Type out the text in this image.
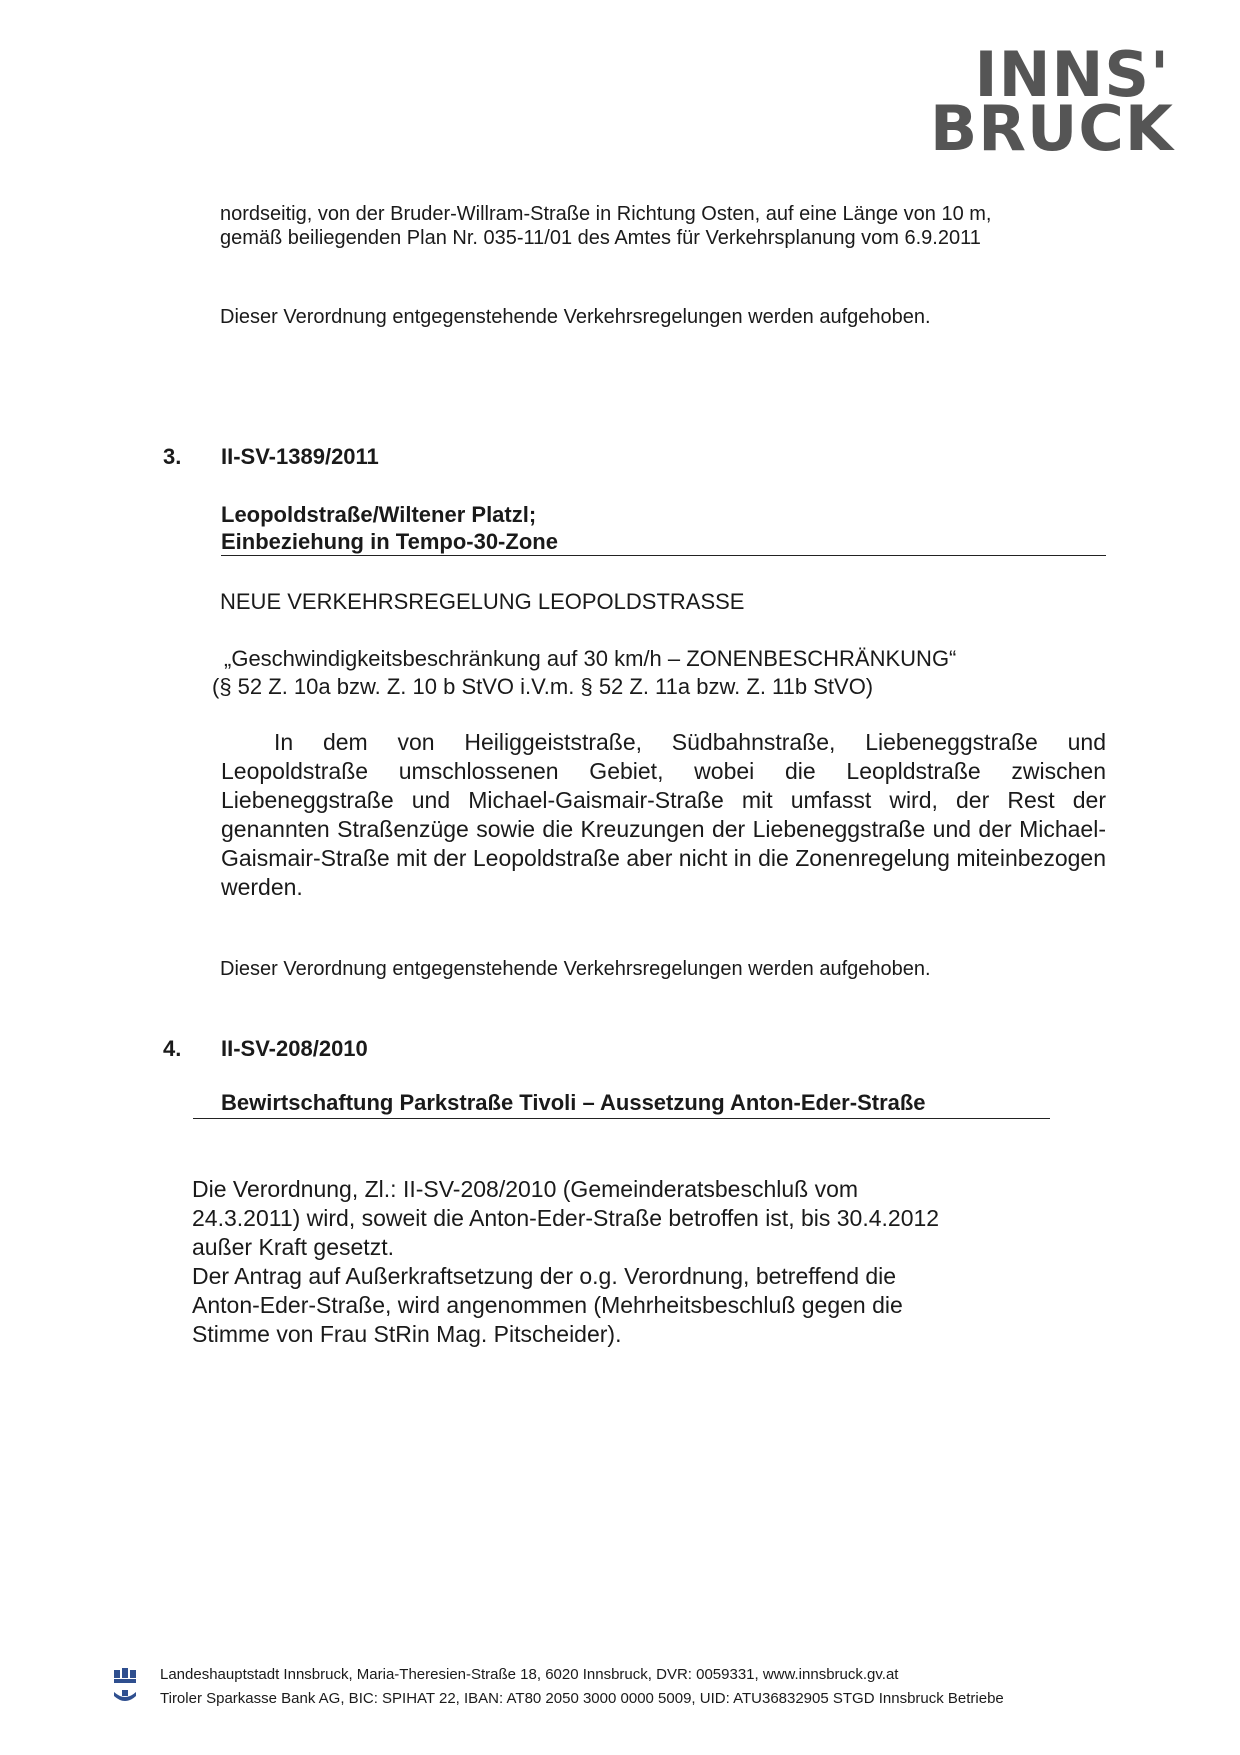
INNS'
BRUCK
nordseitig, von der Bruder-Willram-Straße in Richtung Osten, auf eine Länge von 10 m, gemäß beiliegenden Plan Nr. 035-11/01 des Amtes für Verkehrsplanung vom 6.9.2011
Dieser Verordnung entgegenstehende Verkehrsregelungen werden aufgehoben.
3. II-SV-1389/2011
Leopoldstraße/Wiltener Platzl;
Einbeziehung in Tempo-30-Zone
NEUE VERKEHRSREGELUNG LEOPOLDSTRASSE
„Geschwindigkeitsbeschränkung auf 30 km/h – ZONENBESCHRÄNKUNG“
(§ 52 Z. 10a bzw. Z. 10 b StVO i.V.m. § 52 Z. 11a bzw. Z. 11b StVO)
In dem von Heiliggeiststraße, Südbahnstraße, Liebeneggstraße und Leopoldstraße umschlossenen Gebiet, wobei die Leopldstraße zwischen Liebeneggstraße und Michael-Gaismair-Straße mit umfasst wird, der Rest der genannten Straßenzüge sowie die Kreuzungen der Liebeneggstraße und der Michael-Gaismair-Straße mit der Leopoldstraße aber nicht in die Zonenregelung miteinbezogen werden.
Dieser Verordnung entgegenstehende Verkehrsregelungen werden aufgehoben.
4. II-SV-208/2010
Bewirtschaftung Parkstraße Tivoli – Aussetzung Anton-Eder-Straße
Die Verordnung, Zl.: II-SV-208/2010 (Gemeinderatsbeschluß vom
24.3.2011) wird, soweit die Anton-Eder-Straße betroffen ist, bis 30.4.2012
außer Kraft gesetzt.
Der Antrag auf Außerkraftsetzung der o.g. Verordnung, betreffend die
Anton-Eder-Straße, wird angenommen (Mehrheitsbeschluß gegen die
Stimme von Frau StRin Mag. Pitscheider).
Landeshauptstadt Innsbruck, Maria-Theresien-Straße 18, 6020 Innsbruck, DVR: 0059331, www.innsbruck.gv.at
Tiroler Sparkasse Bank AG, BIC: SPIHAT 22, IBAN: AT80 2050 3000 0000 5009, UID: ATU36832905 STGD Innsbruck Betriebe
